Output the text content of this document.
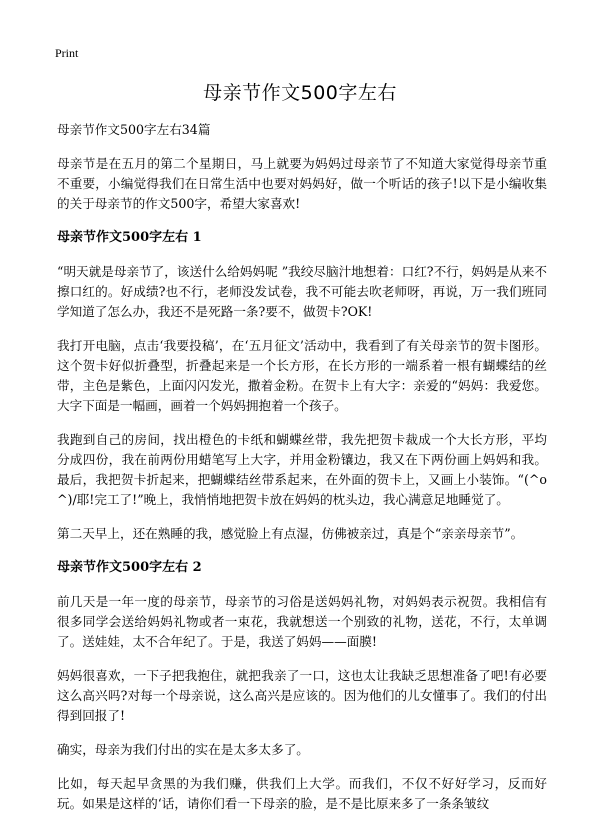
Print
母亲节作文500字左右
母亲节作文500字左右34篇

母亲节是在五月的第二个星期日，马上就要为妈妈过母亲节了不知道大家觉得母亲节重不重要，小编觉得我们在日常生活中也要对妈妈好，做一个听话的孩子!以下是小编收集的关于母亲节的作文500字，希望大家喜欢!

母亲节作文500字左右 1

“明天就是母亲节了，该送什么给妈妈呢 ”我绞尽脑汁地想着：口红?不行，妈妈是从来不擦口红的。好成绩?也不行，老师没发试卷，我不可能去吹老师呀，再说，万一我们班同学知道了怎么办，我还不是死路一条?要不，做贺卡?OK!

我打开电脑，点击‘我要投稿’，在‘五月征文’活动中，我看到了有关母亲节的贺卡图形。这个贺卡好似折叠型，折叠起来是一个长方形，在长方形的一端系着一根有蝴蝶结的丝带，主色是紫色，上面闪闪发光，撒着金粉。在贺卡上有大字：亲爱的“妈妈：我爱您。大字下面是一幅画，画着一个妈妈拥抱着一个孩子。

我跑到自己的房间，找出橙色的卡纸和蝴蝶丝带，我先把贺卡裁成一个大长方形，平均分成四份，我在前两份用蜡笔写上大字，并用金粉镶边，我又在下两份画上妈妈和我。最后，我把贺卡折起来，把蝴蝶结丝带系起来，在外面的贺卡上，又画上小装饰。“(^o^)/耶!完工了!”晚上，我悄悄地把贺卡放在妈妈的枕头边，我心满意足地睡觉了。

第二天早上，还在熟睡的我，感觉脸上有点湿，仿佛被亲过，真是个“亲亲母亲节”。

母亲节作文500字左右 2

前几天是一年一度的母亲节，母亲节的习俗是送妈妈礼物，对妈妈表示祝贺。我相信有很多同学会送给妈妈礼物或者一束花，我就想送一个别致的礼物，送花，不行，太单调了。送娃娃，太不合年纪了。于是，我送了妈妈——面膜!

妈妈很喜欢，一下子把我抱住，就把我亲了一口，这也太让我缺乏思想准备了吧!有必要这么高兴吗?对每一个母亲说，这么高兴是应该的。因为他们的儿女懂事了。我们的付出得到回报了!

确实，母亲为我们付出的实在是太多太多了。

比如，每天起早贪黑的为我们赚，供我们上大学。而我们，不仅不好好学习，反而好玩。如果是这样的‘话，请你们看一下母亲的脸，是不是比原来多了一条条皱纹
